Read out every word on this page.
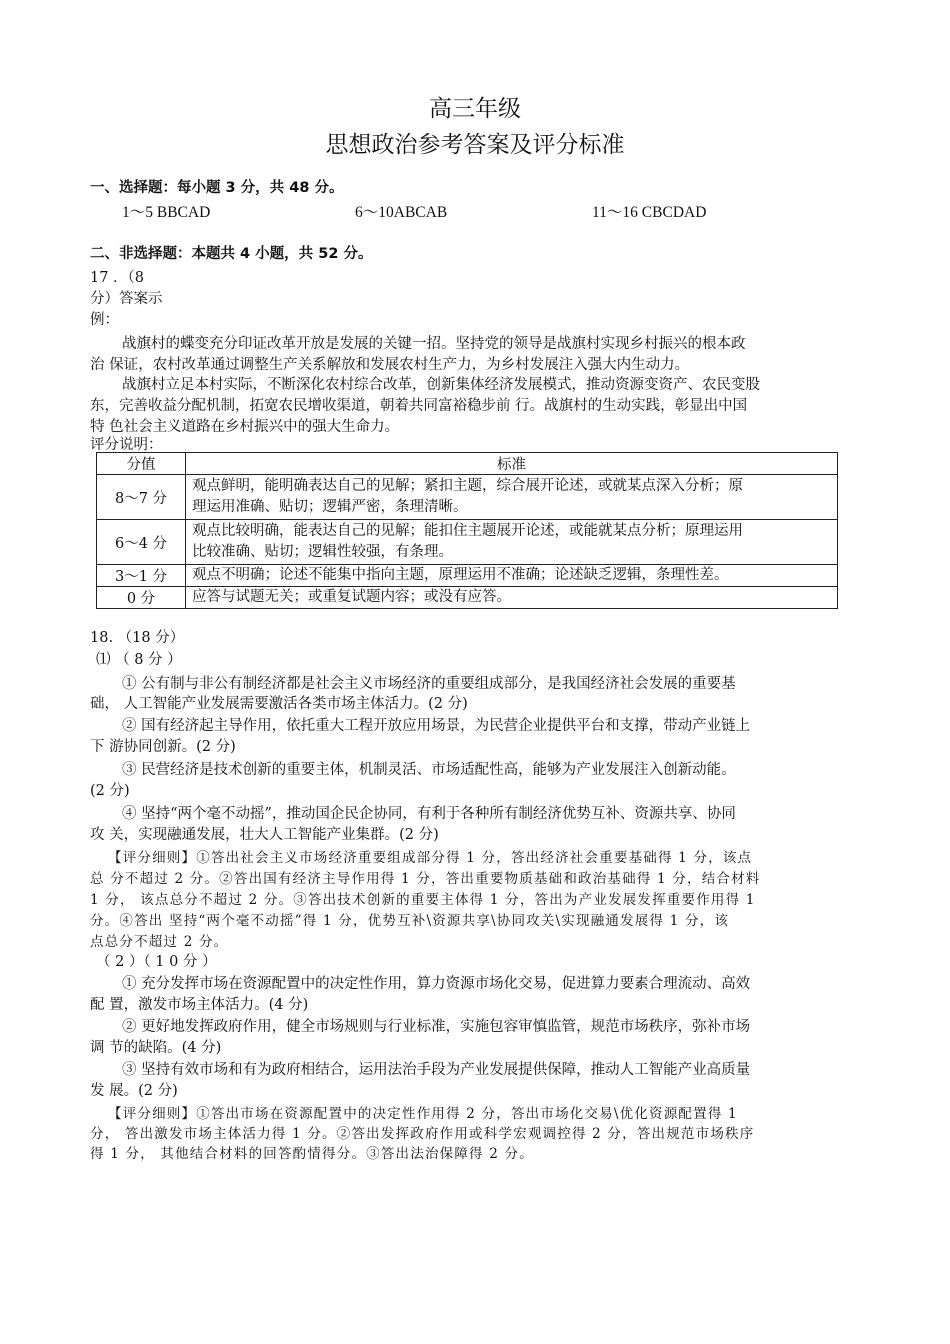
高三年级
思想政治参考答案及评分标准
一、选择题：每小题 3 分，共 48 分。
1～5 BBCAD	6～10ABCAB	11～16 CBCDAD
二、非选择题：本题共 4 小题，共 52 分。
17 ．（8
分）答案示
例：
战旗村的蝶变充分印证改革开放是发展的关键一招。坚持党的领导是战旗村实现乡村振兴的根本政
治 保证，农村改革通过调整生产关系解放和发展农村生产力，为乡村发展注入强大内生动力。
战旗村立足本村实际，不断深化农村综合改革，创新集体经济发展模式，推动资源变资产、农民变股
东，完善收益分配机制，拓宽农民增收渠道，朝着共同富裕稳步前 行。战旗村的生动实践，彰显出中国
特 色社会主义道路在乡村振兴中的强大生命力。
评分说明：
分值	标准
8～7 分	观点鲜明，能明确表达自己的见解；紧扣主题，综合展开论述，或就某点深入分析；原
理运用准确、贴切；逻辑严密，条理清晰。

6～4 分	观点比较明确，能表达自己的见解；能扣住主题展开论述，或能就某点分析；原理运用
比较准确、贴切；逻辑性较强，有条理。

3～1 分	观点不明确；论述不能集中指向主题，原理运用不准确；论述缺乏逻辑，条理性差。

0 分	应答与试题无关；或重复试题内容；或没有应答。
18. （18 分）
⑴ （ 8 分 ）
① 公有制与非公有制经济都是社会主义市场经济的重要组成部分，是我国经济社会发展的重要基
础， 人工智能产业发展需要激活各类市场主体活力。(2 分)
② 国有经济起主导作用，依托重大工程开放应用场景，为民营企业提供平台和支撑，带动产业链上
下 游协同创新。(2 分)
③ 民营经济是技术创新的重要主体，机制灵活、市场适配性高，能够为产业发展注入创新动能。
(2 分)
④ 坚持“两个毫不动摇”，推动国企民企协同，有利于各种所有制经济优势互补、资源共享、协同
攻 关，实现融通发展，壮大人工智能产业集群。(2 分)
【评分细则】①答出社会主义市场经济重要组成部分得 1 分，答出经济社会重要基础得 1 分，该点
总 分不超过 2 分。②答出国有经济主导作用得 1 分，答出重要物质基础和政治基础得 1 分，结合材料
1 分， 该点总分不超过 2 分。③答出技术创新的重要主体得 1 分，答出为产业发展发挥重要作用得 1
分。④答出 坚持“两个毫不动摇”得 1 分，优势互补\资源共享\协同攻关\实现融通发展得 1 分，该
点总分不超过 2 分。
（ 2 ）（ 1 0 分 ）
① 充分发挥市场在资源配置中的决定性作用，算力资源市场化交易，促进算力要素合理流动、高效
配 置，激发市场主体活力。(4 分)
② 更好地发挥政府作用，健全市场规则与行业标准，实施包容审慎监管，规范市场秩序，弥补市场
调 节的缺陷。(4 分)
③ 坚持有效市场和有为政府相结合，运用法治手段为产业发展提供保障，推动人工智能产业高质量
发 展。(2 分)
【评分细则】①答出市场在资源配置中的决定性作用得 2 分，答出市场化交易\优化资源配置得 1
分， 答出激发市场主体活力得 1 分。②答出发挥政府作用或科学宏观调控得 2 分，答出规范市场秩序
得 1 分， 其他结合材料的回答酌情得分。③答出法治保障得 2 分。
